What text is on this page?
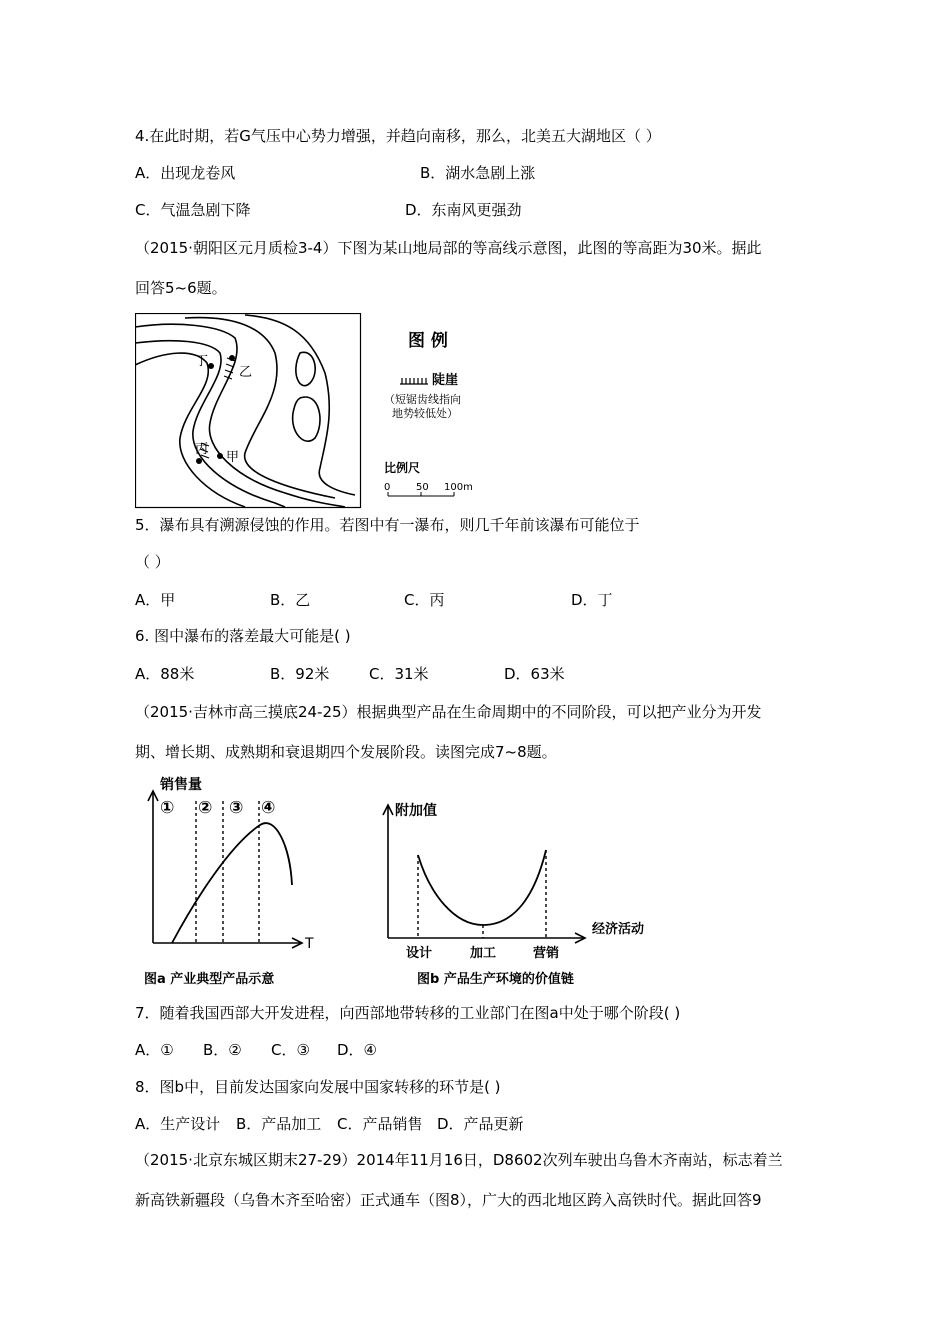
4.在此时期，若G气压中心势力增强，并趋向南移，那么，北美五大湖地区（ ）
A．出现龙卷风	B．湖水急剧上涨
C．气温急剧下降	D．东南风更强劲
（2015·朝阳区元月质检3-4）下图为某山地局部的等高线示意图，此图的等高距为30米。据此
回答5~6题。
丁
乙
丙
甲
图 例
陡崖
（短锯齿线指向
地势较低处）
比例尺
0	50 100m
5．瀑布具有溯源侵蚀的作用。若图中有一瀑布，则几千年前该瀑布可能位于
（ ）
A．甲	B．乙	C．丙	D．丁
6. 图中瀑布的落差最大可能是( )
A．88米	B．92米	C．31米	D．63米
（2015·吉林市高三摸底24-25）根据典型产品在生命周期中的不同阶段，可以把产业分为开发
期、增长期、成熟期和衰退期四个发展阶段。读图完成7~8题。
销售量
T
① ② ③ ④
图a 产业典型产品示意
附加值
经济活动
设计	加工	营销
图b 产品生产环境的价值链
7．随着我国西部大开发进程，向西部地带转移的工业部门在图a中处于哪个阶段( )
A．① B．② C．③ D．④
8．图b中，目前发达国家向发展中国家转移的环节是( )
A．生产设计 B．产品加工 C．产品销售 D．产品更新
（2015·北京东城区期末27-29）2014年11月16日，D8602次列车驶出乌鲁木齐南站，标志着兰
新高铁新疆段（乌鲁木齐至哈密）正式通车（图8），广大的西北地区跨入高铁时代。据此回答9
